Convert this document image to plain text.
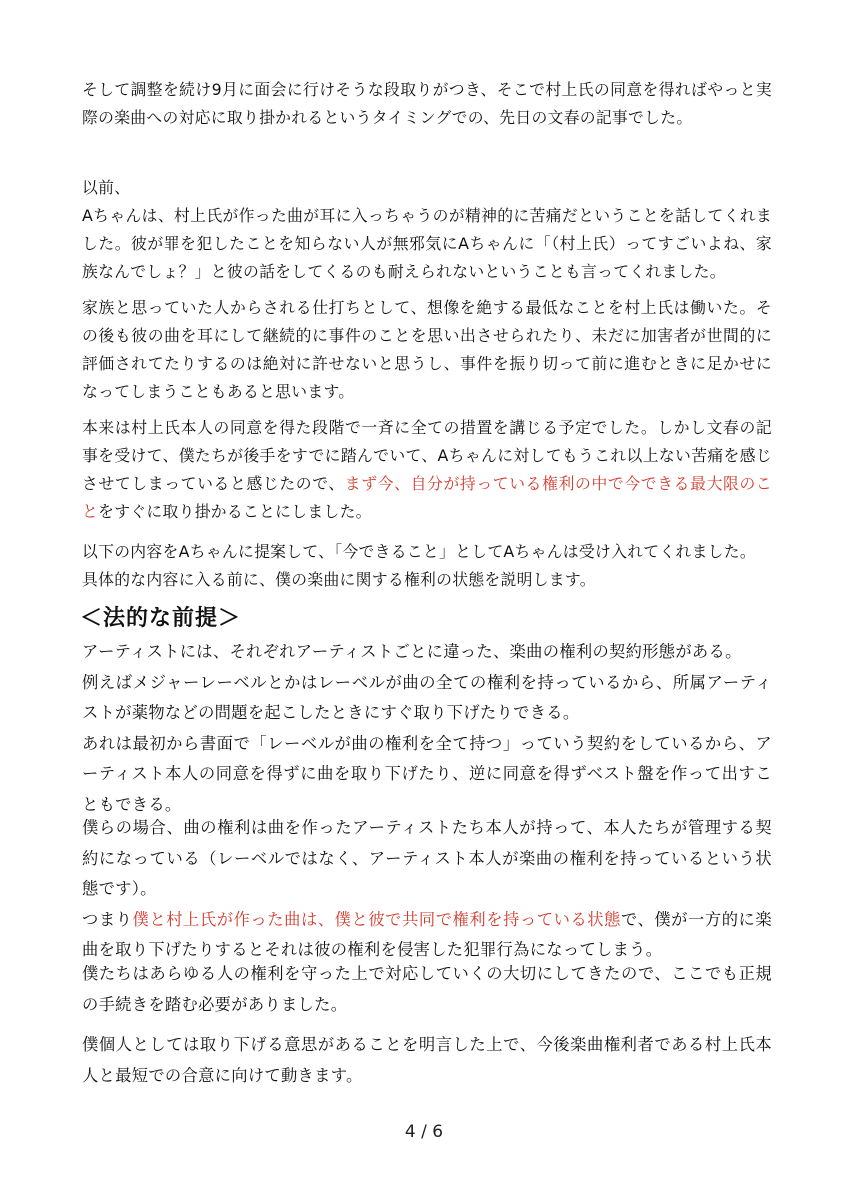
そして調整を続け9月に面会に行けそうな段取りがつき、そこで村上氏の同意を得ればやっと実際の楽曲への対応に取り掛かれるというタイミングでの、先日の文春の記事でした。

以前、
Aちゃんは、村上氏が作った曲が耳に入っちゃうのが精神的に苦痛だということを話してくれました。彼が罪を犯したことを知らない人が無邪気にAちゃんに「（村上氏）ってすごいよね、家族なんでしょ？」と彼の話をしてくるのも耐えられないということも言ってくれました。

家族と思っていた人からされる仕打ちとして、想像を絶する最低なことを村上氏は働いた。その後も彼の曲を耳にして継続的に事件のことを思い出させられたり、未だに加害者が世間的に評価されてたりするのは絶対に許せないと思うし、事件を振り切って前に進むときに足かせになってしまうこともあると思います。

本来は村上氏本人の同意を得た段階で一斉に全ての措置を講じる予定でした。しかし文春の記事を受けて、僕たちが後手をすでに踏んでいて、Aちゃんに対してもうこれ以上ない苦痛を感じさせてしまっていると感じたので、まず今、自分が持っている権利の中で今できる最大限のことをすぐに取り掛かることにしました。

以下の内容をAちゃんに提案して、「今できること」としてAちゃんは受け入れてくれました。
具体的な内容に入る前に、僕の楽曲に関する権利の状態を説明します。
＜法的な前提＞
アーティストには、それぞれアーティストごとに違った、楽曲の権利の契約形態がある。
例えばメジャーレーベルとかはレーベルが曲の全ての権利を持っているから、所属アーティストが薬物などの問題を起こしたときにすぐ取り下げたりできる。
あれは最初から書面で「レーベルが曲の権利を全て持つ」っていう契約をしているから、アーティスト本人の同意を得ずに曲を取り下げたり、逆に同意を得ずベスト盤を作って出すこともできる。
僕らの場合、曲の権利は曲を作ったアーティストたち本人が持って、本人たちが管理する契約になっている（レーベルではなく、アーティスト本人が楽曲の権利を持っているという状態です）。
つまり僕と村上氏が作った曲は、僕と彼で共同で権利を持っている状態で、僕が一方的に楽曲を取り下げたりするとそれは彼の権利を侵害した犯罪行為になってしまう。

僕たちはあらゆる人の権利を守った上で対応していくの大切にしてきたので、ここでも正規の手続きを踏む必要がありました。

僕個人としては取り下げる意思があることを明言した上で、今後楽曲権利者である村上氏本人と最短での合意に向けて動きます。

4 / 6
